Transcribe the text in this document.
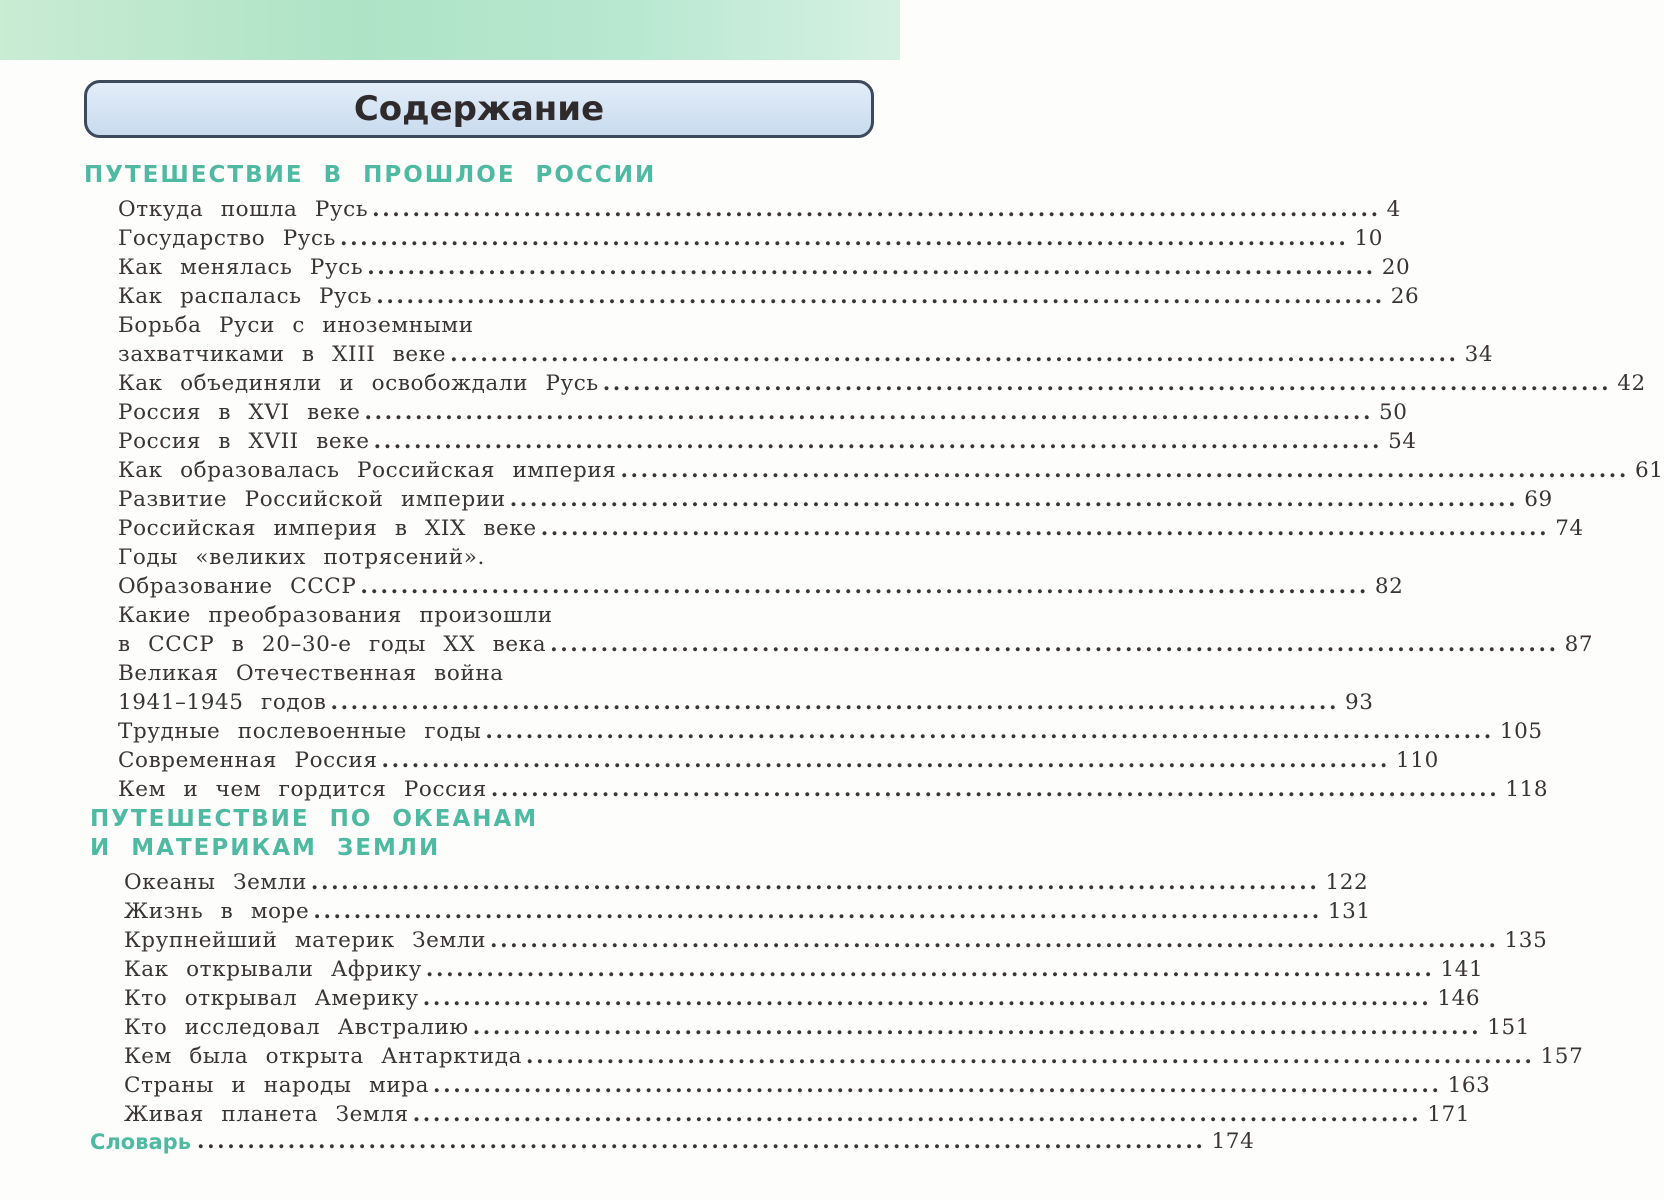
Содержание
ПУТЕШЕСТВИЕ В ПРОШЛОЕ РОССИИ
Откуда пошла Русь .................................................................................................... 4
Государство Русь .................................................................................................... 10
Как менялась Русь .................................................................................................... 20
Как распалась Русь .................................................................................................... 26
Борьба Руси с иноземными
захватчиками в XIII веке .................................................................................................... 34
Как объединяли и освобождали Русь .................................................................................................... 42
Россия в XVI веке .................................................................................................... 50
Россия в XVII веке .................................................................................................... 54
Как образовалась Российская империя .................................................................................................... 61
Развитие Российской империи .................................................................................................... 69
Российская империя в XIX веке .................................................................................................... 74
Годы «великих потрясений».
Образование СССР .................................................................................................... 82
Какие преобразования произошли
в СССР в 20–30-е годы XX века .................................................................................................... 87
Великая Отечественная война
1941–1945 годов .................................................................................................... 93
Трудные послевоенные годы .................................................................................................... 105
Современная Россия .................................................................................................... 110
Кем и чем гордится Россия .................................................................................................... 118
ПУТЕШЕСТВИЕ ПО ОКЕАНАМ
И МАТЕРИКАМ ЗЕМЛИ
Океаны Земли .................................................................................................... 122
Жизнь в море .................................................................................................... 131
Крупнейший материк Земли .................................................................................................... 135
Как открывали Африку .................................................................................................... 141
Кто открывал Америку .................................................................................................... 146
Кто исследовал Австралию .................................................................................................... 151
Кем была открыта Антарктида .................................................................................................... 157
Страны и народы мира .................................................................................................... 163
Живая планета Земля .................................................................................................... 171
Словарь .................................................................................................... 174
